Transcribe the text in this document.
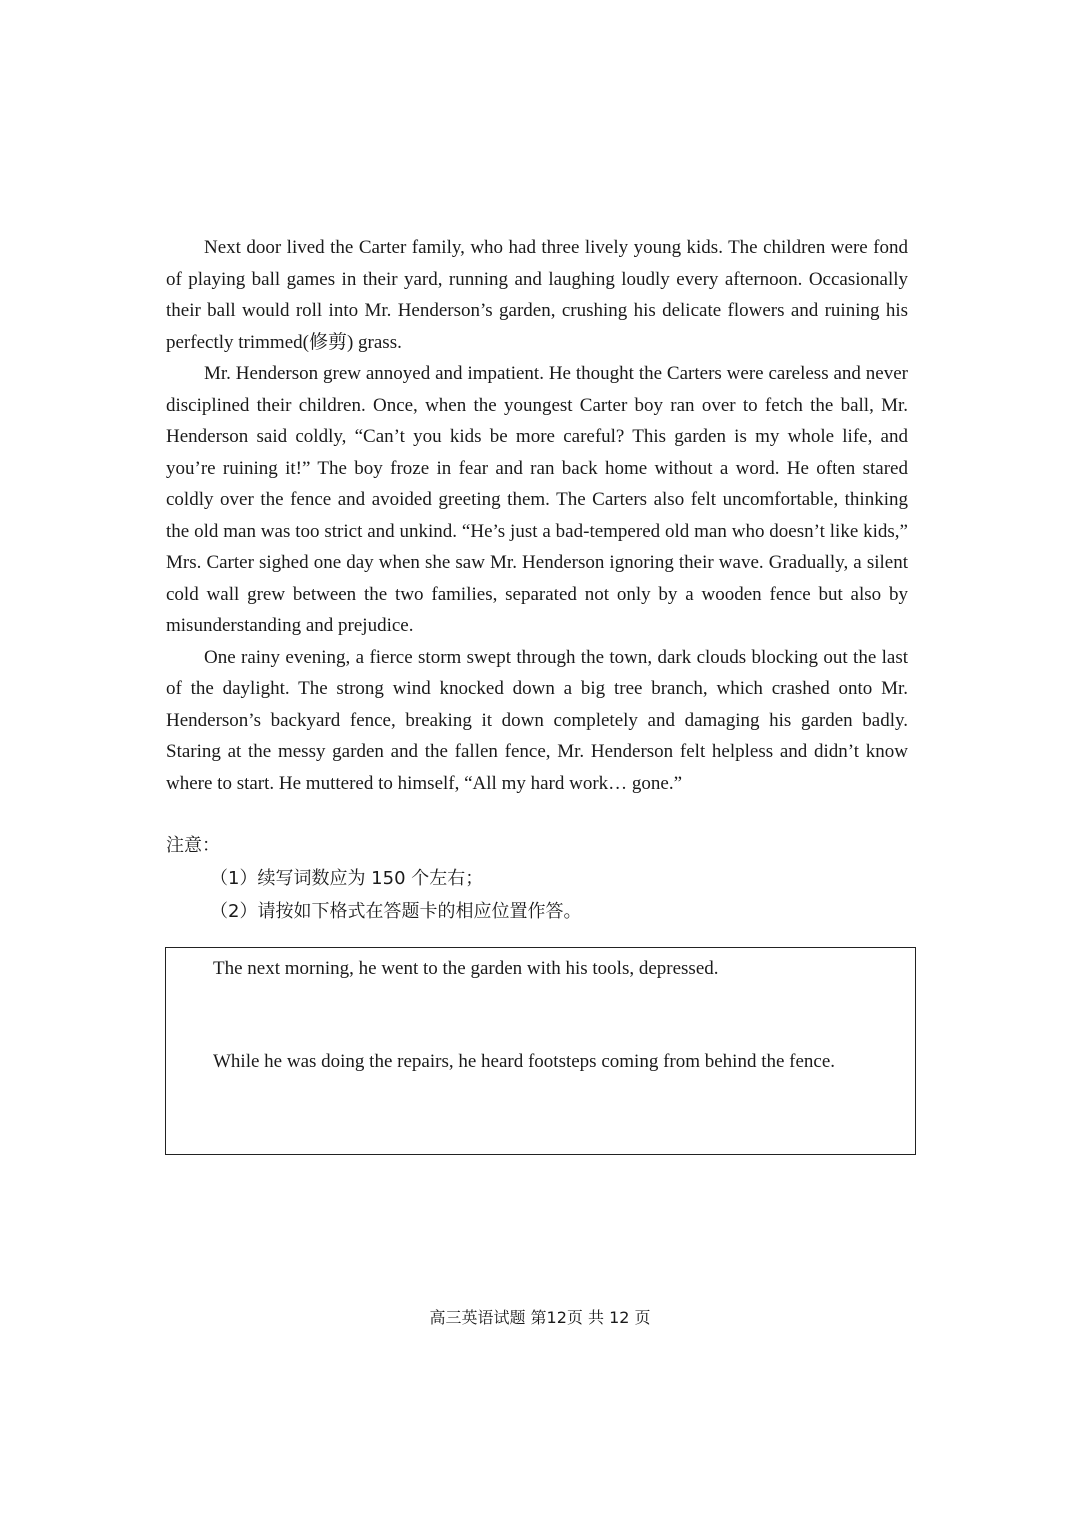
Next door lived the Carter family, who had three lively young kids. The children were fond of playing ball games in their yard, running and laughing loudly every afternoon. Occasionally their ball would roll into Mr. Henderson’s garden, crushing his delicate flowers and ruining his perfectly trimmed(修剪) grass.

Mr. Henderson grew annoyed and impatient. He thought the Carters were careless and never disciplined their children. Once, when the youngest Carter boy ran over to fetch the ball, Mr. Henderson said coldly, “Can’t you kids be more careful? This garden is my whole life, and you’re ruining it!” The boy froze in fear and ran back home without a word. He often stared coldly over the fence and avoided greeting them. The Carters also felt uncomfortable, thinking the old man was too strict and unkind. “He’s just a bad-tempered old man who doesn’t like kids,” Mrs. Carter sighed one day when she saw Mr. Henderson ignoring their wave. Gradually, a silent cold wall grew between the two families, separated not only by a wooden fence but also by misunderstanding and prejudice.

One rainy evening, a fierce storm swept through the town, dark clouds blocking out the last of the daylight. The strong wind knocked down a big tree branch, which crashed onto Mr. Henderson’s backyard fence, breaking it down completely and damaging his garden badly. Staring at the messy garden and the fallen fence, Mr. Henderson felt helpless and didn’t know where to start. He muttered to himself, “All my hard work… gone.”

注意：
（1）续写词数应为 150 个左右；
（2）请按如下格式在答题卡的相应位置作答。
The next morning, he went to the garden with his tools, depressed.
While he was doing the repairs, he heard footsteps coming from behind the fence.
高三英语试题 第12页 共 12 页
